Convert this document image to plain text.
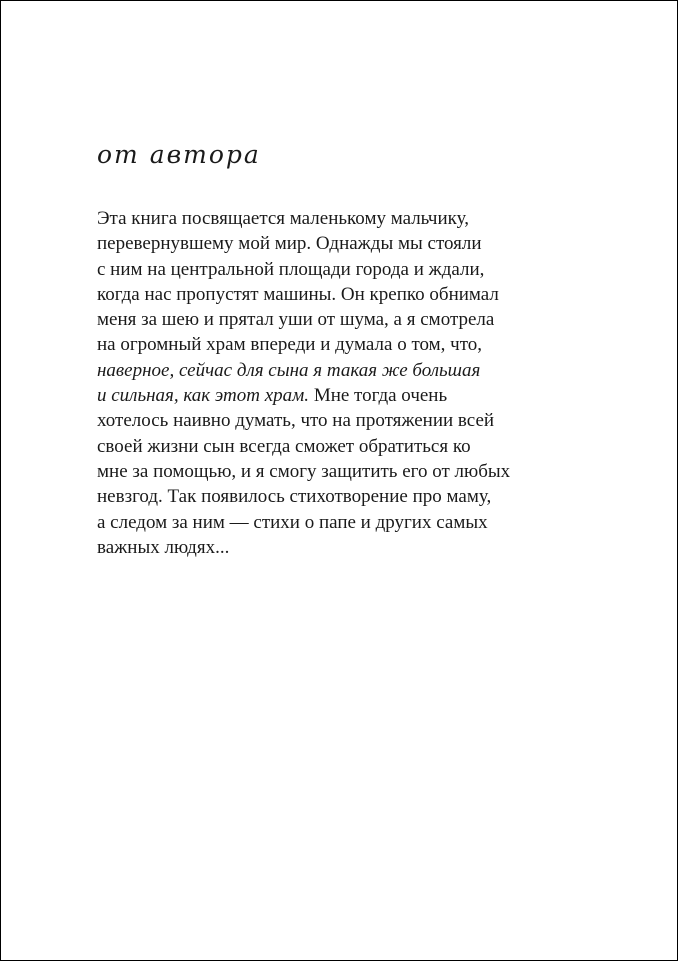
от автора
Эта книга посвящается маленькому мальчику,
перевернувшему мой мир. Однажды мы стояли
с ним на центральной площади города и ждали,
когда нас пропустят машины. Он крепко обнимал
меня за шею и прятал уши от шума, а я смотрела
на огромный храм впереди и думала о том, что,
наверное, сейчас для сына я такая же большая
и сильная, как этот храм. Мне тогда очень
хотелось наивно думать, что на протяжении всей
своей жизни сын всегда сможет обратиться ко
мне за помощью, и я смогу защитить его от любых
невзгод. Так появилось стихотворение про маму,
а следом за ним — стихи о папе и других самых
важных людях...
